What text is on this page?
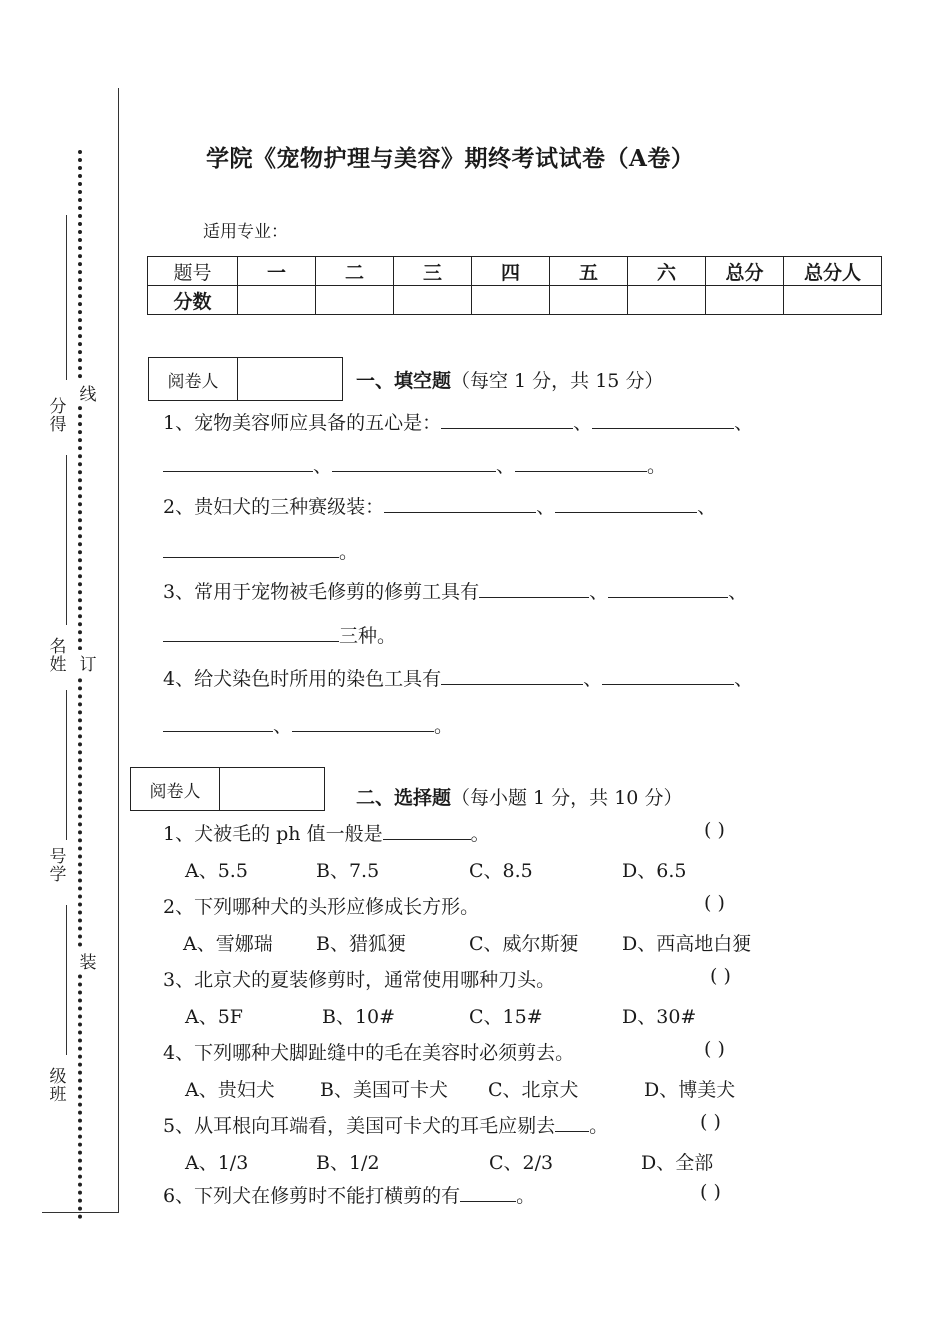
分得
名姓
号学
级班
线
订
装
学院《宠物护理与美容》期终考试试卷（A卷）
适用专业：
题号	一	二	三	四	五	六	总分	总分人
分数								
阅卷人	一、填空题（每空 1 分，共 15 分）
1、宠物美容师应具备的五心是：	、	、
、	、	。
2、贵妇犬的三种赛级装：	、	、
。
3、常用于宠物被毛修剪的修剪工具有	、	、
三种。
4、给犬染色时所用的染色工具有	、	、
、	。
阅卷人	二、选择题（每小题 1 分，共 10 分）
1、犬被毛的 ph 值一般是	。	( )
A、5.5	B、7.5	C、8.5	D、6.5
2、下列哪种犬的头形应修成长方形。	( )
A、雪娜瑞 B、猎狐㹴	C、威尔斯㹴 D、西高地白㹴
3、北京犬的夏装修剪时，通常使用哪种刀头。	( )
A、5F	B、10#	C、15#	D、30#
4、下列哪种犬脚趾缝中的毛在美容时必须剪去。	( )
A、贵妇犬 B、美国可卡犬 C、北京犬	D、博美犬
5、从耳根向耳端看，美国可卡犬的耳毛应剔去 。	( )
A、1/3	B、1/2	C、2/3	D、全部
6、下列犬在修剪时不能打横剪的有	。	( )
